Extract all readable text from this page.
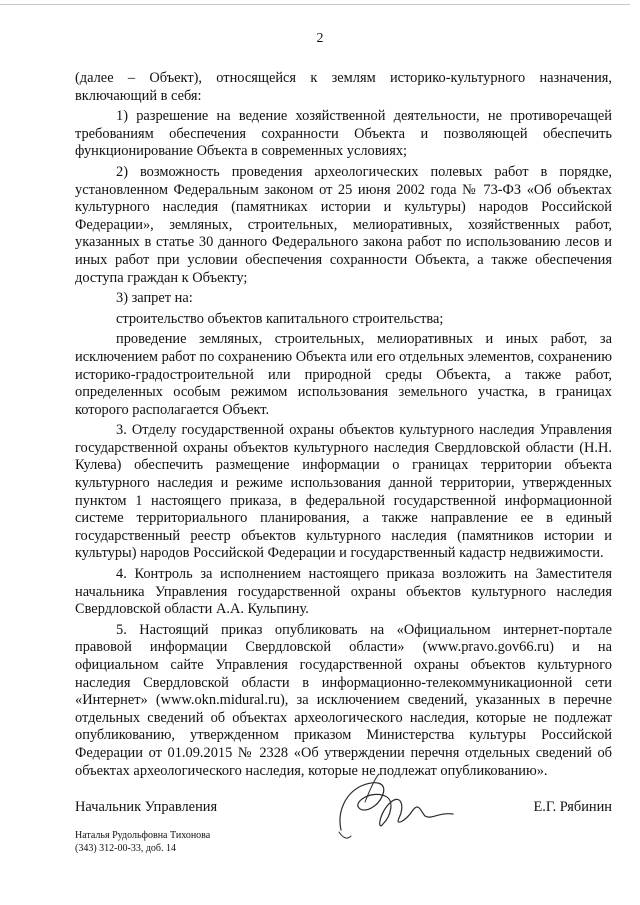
2

(далее – Объект), относящейся к землям историко-культурного назначения, включающий в себя:

1) разрешение на ведение хозяйственной деятельности, не противоречащей требованиям обеспечения сохранности Объекта и позволяющей обеспечить функционирование Объекта в современных условиях;

2) возможность проведения археологических полевых работ в порядке, установленном Федеральным законом от 25 июня 2002 года № 73-ФЗ «Об объектах культурного наследия (памятниках истории и культуры) народов Российской Федерации», земляных, строительных, мелиоративных, хозяйственных работ, указанных в статье 30 данного Федерального закона работ по использованию лесов и иных работ при условии обеспечения сохранности Объекта, а также обеспечения доступа граждан к Объекту;

3) запрет на:

строительство объектов капитального строительства;

проведение земляных, строительных, мелиоративных и иных работ, за исключением работ по сохранению Объекта или его отдельных элементов, сохранению историко-градостроительной или природной среды Объекта, а также работ, определенных особым режимом использования земельного участка, в границах которого располагается Объект.

3. Отделу государственной охраны объектов культурного наследия Управления государственной охраны объектов культурного наследия Свердловской области (Н.Н. Кулева) обеспечить размещение информации о границах территории объекта культурного наследия и режиме использования данной территории, утвержденных пунктом 1 настоящего приказа, в федеральной государственной информационной системе территориального планирования, а также направление ее в единый государственный реестр объектов культурного наследия (памятников истории и культуры) народов Российской Федерации и государственный кадастр недвижимости.

4. Контроль за исполнением настоящего приказа возложить на Заместителя начальника Управления государственной охраны объектов культурного наследия Свердловской области А.А. Кульпину.

5. Настоящий приказ опубликовать на «Официальном интернет-портале правовой информации Свердловской области» (www.pravo.gov66.ru) и на официальном сайте Управления государственной охраны объектов культурного наследия Свердловской области в информационно-телекоммуникационной сети «Интернет» (www.okn.midural.ru), за исключением сведений, указанных в перечне отдельных сведений об объектах археологического наследия, которые не подлежат опубликованию, утвержденном приказом Министерства культуры Российской Федерации от 01.09.2015 № 2328 «Об утверждении перечня отдельных сведений об объектах археологического наследия, которые не подлежат опубликованию».

Начальник Управления	Е.Г. Рябинин
Наталья Рудольфовна Тихонова
(343) 312-00-33, доб. 14
